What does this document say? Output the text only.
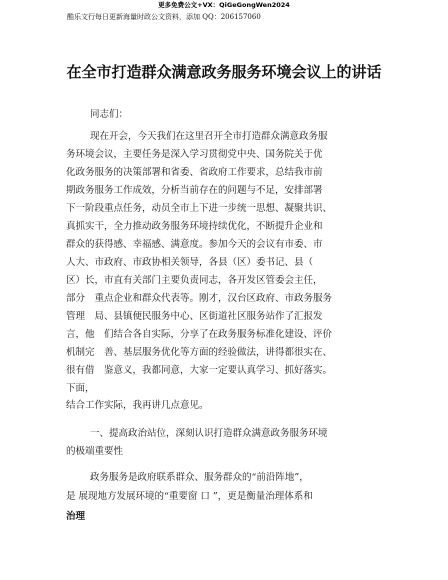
更多免费公文+VX：QiGeGongWen2024
酷乐文行每日更新海量时政公文资料，添加 QQ：206157060
在全市打造群众满意政务服务环境会议上的讲话
同志们：
现在开会，今天我们在这里召开全市打造群众满意政务服
务环境会议，主要任务是深入学习贯彻党中央、国务院关于优
化政务服务的决策部署和省委、省政府工作要求，总结我市前
期政务服务工作成效，分析当前存在的问题与不足，安排部署
下一阶段重点任务，动员全市上下进一步统一思想、凝聚共识、
真抓实干，全力推动政务服务环境持续优化，不断提升企业和
群众的获得感、幸福感、满意度。参加今天的会议有市委、市
人大、市政府、市政协相关领导，各县（区）委书记、县（
区）长，市直有关部门主要负责同志，各开发区管委会主任，
部分　重点企业和群众代表等。刚才，汉台区政府、市政务服务
管理　局、县镇便民服务中心、区街道社区服务站作了汇报发
言，他　们结合各自实际，分享了在政务服务标准化建设、评价
机制完　善、基层服务优化等方面的经验做法，讲得都很实在、
很有借　鉴意义，我都同意，大家一定要认真学习、抓好落实。
下面，
结合工作实际，我再讲几点意见。
一、提高政治站位，深刻认识打造群众满意政务服务环境
的极端重要性
政务服务是政府联系群众、服务群众的“前沿阵地”，
是 展现地方发展环境的“重要窗 口 ”，更是衡量治理体系和
治理
